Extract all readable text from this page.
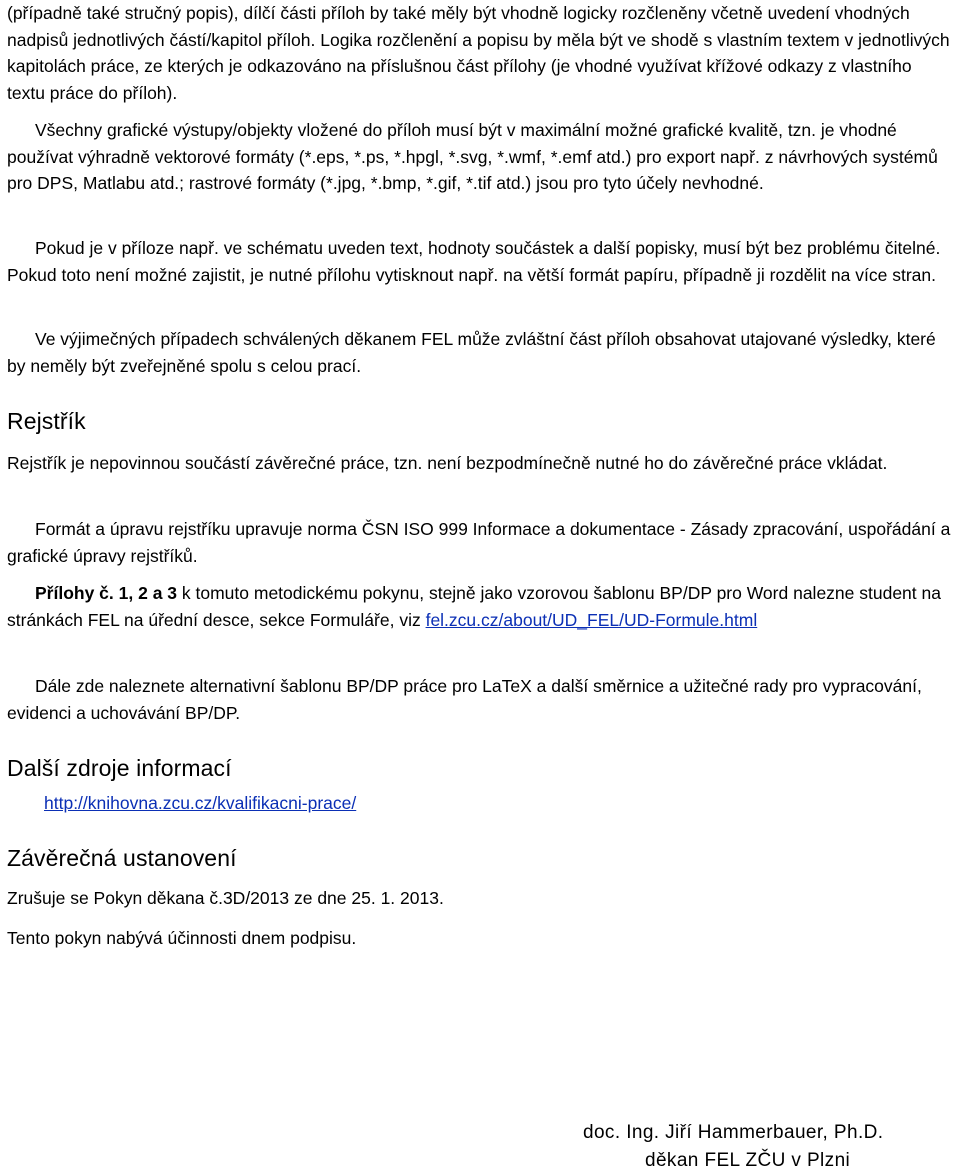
(případně také stručný popis), dílčí části příloh by také měly být vhodně logicky rozčleněny včetně uvedení vhodných nadpisů jednotlivých částí/kapitol příloh. Logika rozčlenění a popisu by měla být ve shodě s vlastním textem v jednotlivých kapitolách práce, ze kterých je odkazováno na příslušnou část přílohy (je vhodné využívat křížové odkazy z vlastního textu práce do příloh).

Všechny grafické výstupy/objekty vložené do příloh musí být v maximální možné grafické kvalitě, tzn. je vhodné používat výhradně vektorové formáty (*.eps, *.ps, *.hpgl, *.svg, *.wmf, *.emf atd.) pro export např. z návrhových systémů pro DPS, Matlabu atd.; rastrové formáty (*.jpg, *.bmp, *.gif, *.tif atd.) jsou pro tyto účely nevhodné.

Pokud je v příloze např. ve schématu uveden text, hodnoty součástek a další popisky, musí být bez problému čitelné. Pokud toto není možné zajistit, je nutné přílohu vytisknout např. na větší formát papíru, případně ji rozdělit na více stran.

Ve výjimečných případech schválených děkanem FEL může zvláštní část příloh obsahovat utajované výsledky, které by neměly být zveřejněné spolu s celou prací.

Rejstřík

Rejstřík je nepovinnou součástí závěrečné práce, tzn. není bezpodmínečně nutné ho do závěrečné práce vkládat.

Formát a úpravu rejstříku upravuje norma ČSN ISO 999 Informace a dokumentace - Zásady zpracování, uspořádání a grafické úpravy rejstříků.

Přílohy č. 1, 2 a 3 k tomuto metodickému pokynu, stejně jako vzorovou šablonu BP/DP pro Word nalezne student na stránkách FEL na úřední desce, sekce Formuláře, viz fel.zcu.cz/about/UD_FEL/UD-Formule.html

Dále zde naleznete alternativní šablonu BP/DP práce pro LaTeX a další směrnice a užitečné rady pro vypracování, evidenci a uchovávání BP/DP.

Další zdroje informací

http://knihovna.zcu.cz/kvalifikacni-prace/

Závěrečná ustanovení

Zrušuje se Pokyn děkana č.3D/2013 ze dne 25. 1. 2013.

Tento pokyn nabývá účinnosti dnem podpisu.

doc. Ing. Jiří Hammerbauer, Ph.D.
děkan FEL ZČU v Plzni
